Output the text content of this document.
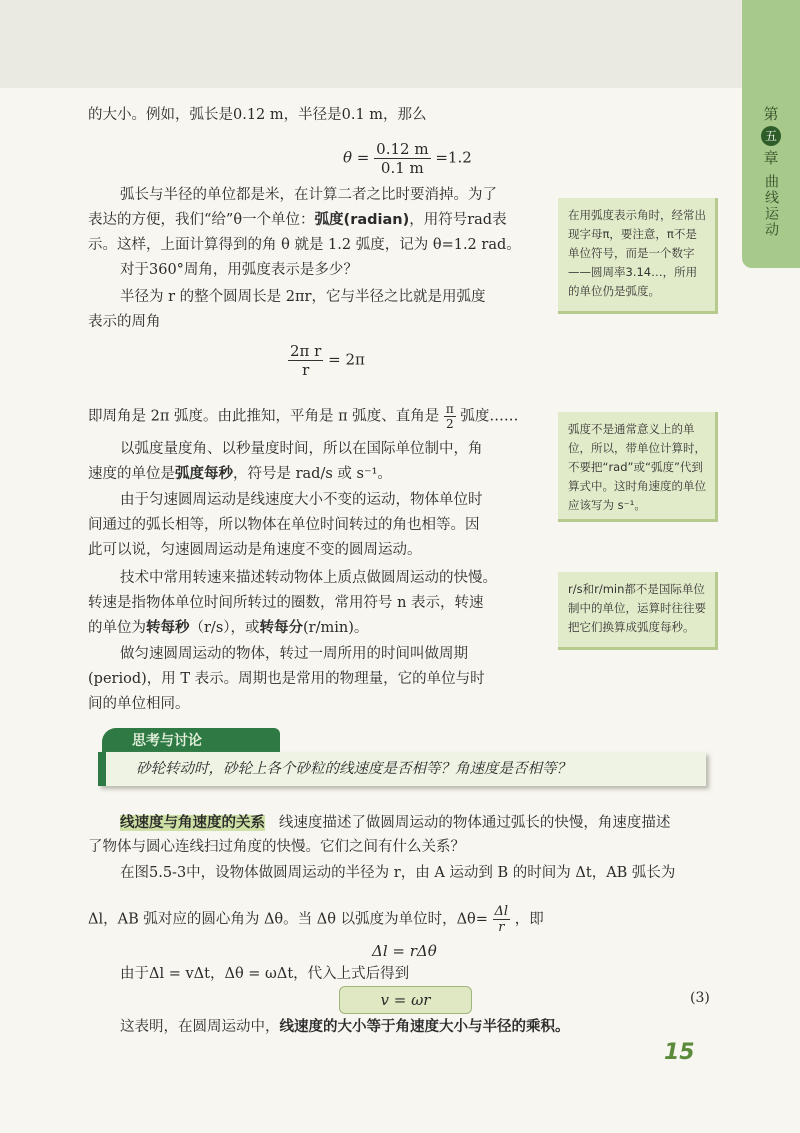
第
五
章
曲线运动
的大小。例如，弧长是0.12 m，半径是0.1 m，那么
$\theta = \frac{0.12 m}{0.1 m} =1.2$
弧长与半径的单位都是米，在计算二者之比时要消掉。为了
表达的方便，我们“给”θ一个单位：弧度(radian)，用符号rad表
示。这样，上面计算得到的角 θ 就是 1.2 弧度，记为 θ=1.2 rad。
对于360°周角，用弧度表示是多少？
半径为 r 的整个圆周长是 2πr，它与半径之比就是用弧度
表示的周角
$\frac{\text{2π r}}{r} = 2\pi$
即周角是 2π 弧度。由此推知，平角是 π 弧度、直角是 $\frac{\pi}{2}$ 弧度……
以弧度量度角、以秒量度时间，所以在国际单位制中，角
速度的单位是弧度每秒，符号是 rad/s 或 s⁻¹。
由于匀速圆周运动是线速度大小不变的运动，物体单位时
间通过的弧长相等，所以物体在单位时间转过的角也相等。因
此可以说，匀速圆周运动是角速度不变的圆周运动。
技术中常用转速来描述转动物体上质点做圆周运动的快慢。
转速是指物体单位时间所转过的圈数，常用符号 n 表示，转速
的单位为转每秒（r/s），或转每分(r/min)。
做匀速圆周运动的物体，转过一周所用的时间叫做周期
(period)，用 T 表示。周期也是常用的物理量，它的单位与时
间的单位相同。
在用弧度表示角时，经常出现字母π，要注意，π不是单位符号，而是一个数字——圆周率3.14…，所用的单位仍是弧度。
弧度不是通常意义上的单位，所以，带单位计算时，不要把“rad”或“弧度”代到算式中。这时角速度的单位应该写为 s⁻¹。
r/s和r/min都不是国际单位制中的单位，运算时往往要把它们换算成弧度每秒。
思考与讨论
砂轮转动时，砂轮上各个砂粒的线速度是否相等？角速度是否相等？
线速度与角速度的关系 线速度描述了做圆周运动的物体通过弧长的快慢，角速度描述
了物体与圆心连线扫过角度的快慢。它们之间有什么关系？
在图5.5-3中，设物体做圆周运动的半径为 r，由 A 运动到 B 的时间为 Δt，AB 弧长为
Δl，AB 弧对应的圆心角为 Δθ。当 Δθ 以弧度为单位时，$\Delta\theta= \frac{\Delta l}{r}$ ，即
Δl = rΔθ
由于Δl = vΔt，Δθ = ωΔt，代入上式后得到
v = ωr	(3)
这表明，在圆周运动中，线速度的大小等于角速度大小与半径的乘积。
15
